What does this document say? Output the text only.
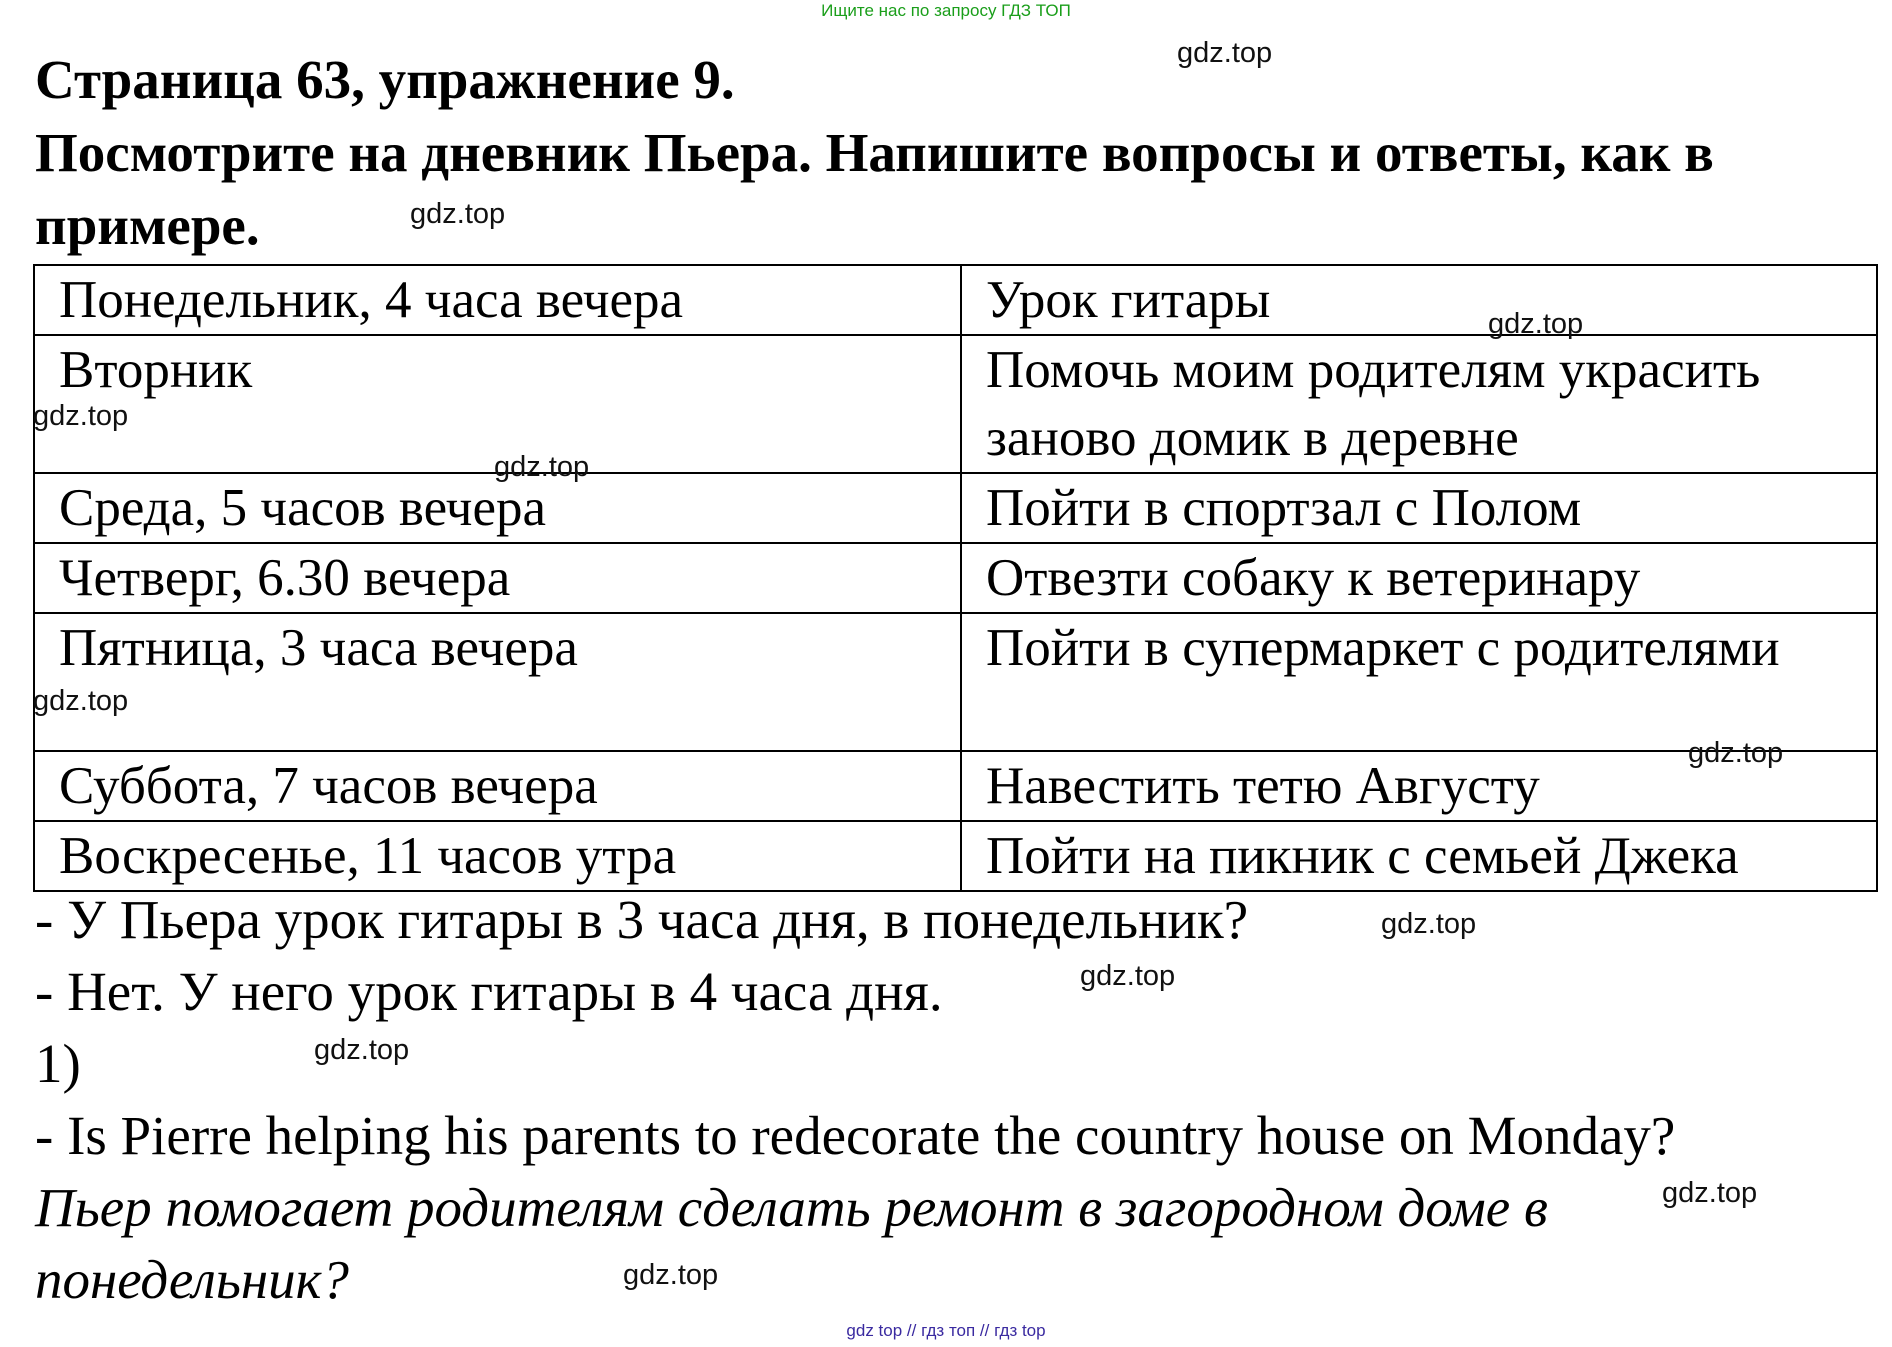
Ищите нас по запросу ГДЗ ТОП
Страница 63, упражнение 9.
Посмотрите на дневник Пьера. Напишите вопросы и ответы, как в
примере.
Понедельник, 4 часа вечера	Урок гитары
Вторник	Помочь моим родителям украсить заново домик в деревне
Среда, 5 часов вечера	Пойти в спортзал с Полом
Четверг, 6.30 вечера	Отвезти собаку к ветеринару
Пятница, 3 часа вечера	Пойти в супермаркет с родителями
Суббота, 7 часов вечера	Навестить тетю Августу
Воскресенье, 11 часов утра	Пойти на пикник с семьей Джека
- У Пьера урок гитары в 3 часа дня, в понедельник?
- Нет. У него урок гитары в 4 часа дня.
1)
- Is Pierre helping his parents to redecorate the country house on Monday?
Пьер помогает родителям сделать ремонт в загородном доме в
понедельник?
gdz.top
gdz.top
gdz.top
gdz.top
gdz.top
gdz.top
gdz.top
gdz.top
gdz.top
gdz.top
gdz.top
gdz.top
gdz top // гдз топ // гдз top
